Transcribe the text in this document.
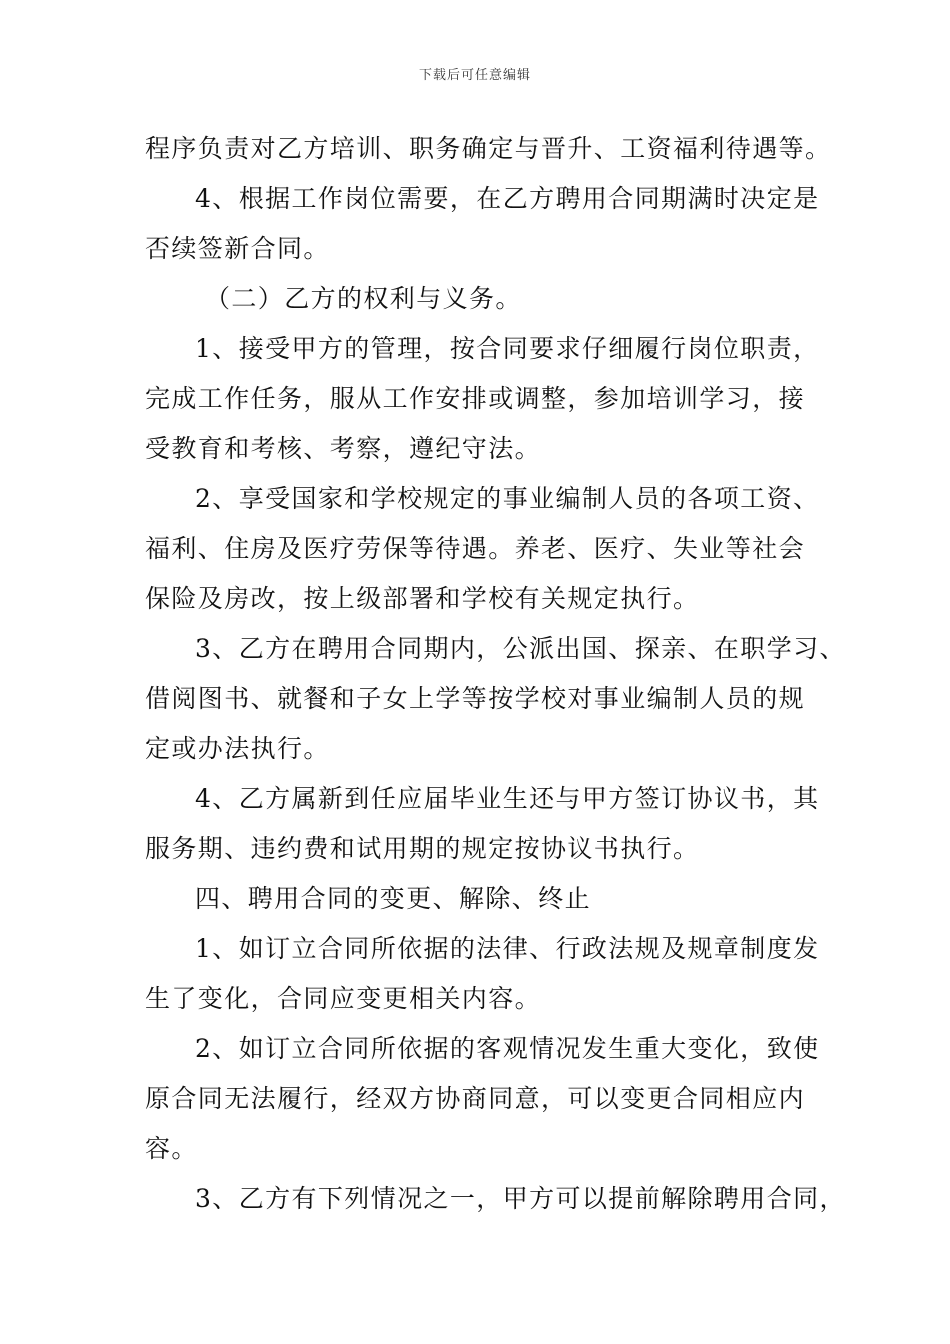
下载后可任意编辑
程序负责对乙方培训、职务确定与晋升、工资福利待遇等。
4、根据工作岗位需要，在乙方聘用合同期满时决定是
否续签新合同。
（二）乙方的权利与义务。
1、接受甲方的管理，按合同要求仔细履行岗位职责，
完成工作任务，服从工作安排或调整，参加培训学习，接
受教育和考核、考察，遵纪守法。
2、享受国家和学校规定的事业编制人员的各项工资、
福利、住房及医疗劳保等待遇。养老、医疗、失业等社会
保险及房改，按上级部署和学校有关规定执行。
3、乙方在聘用合同期内，公派出国、探亲、在职学习、
借阅图书、就餐和子女上学等按学校对事业编制人员的规
定或办法执行。
4、乙方属新到任应届毕业生还与甲方签订协议书，其
服务期、违约费和试用期的规定按协议书执行。
四、聘用合同的变更、解除、终止
1、如订立合同所依据的法律、行政法规及规章制度发
生了变化，合同应变更相关内容。
2、如订立合同所依据的客观情况发生重大变化，致使
原合同无法履行，经双方协商同意，可以变更合同相应内
容。
3、乙方有下列情况之一，甲方可以提前解除聘用合同，
